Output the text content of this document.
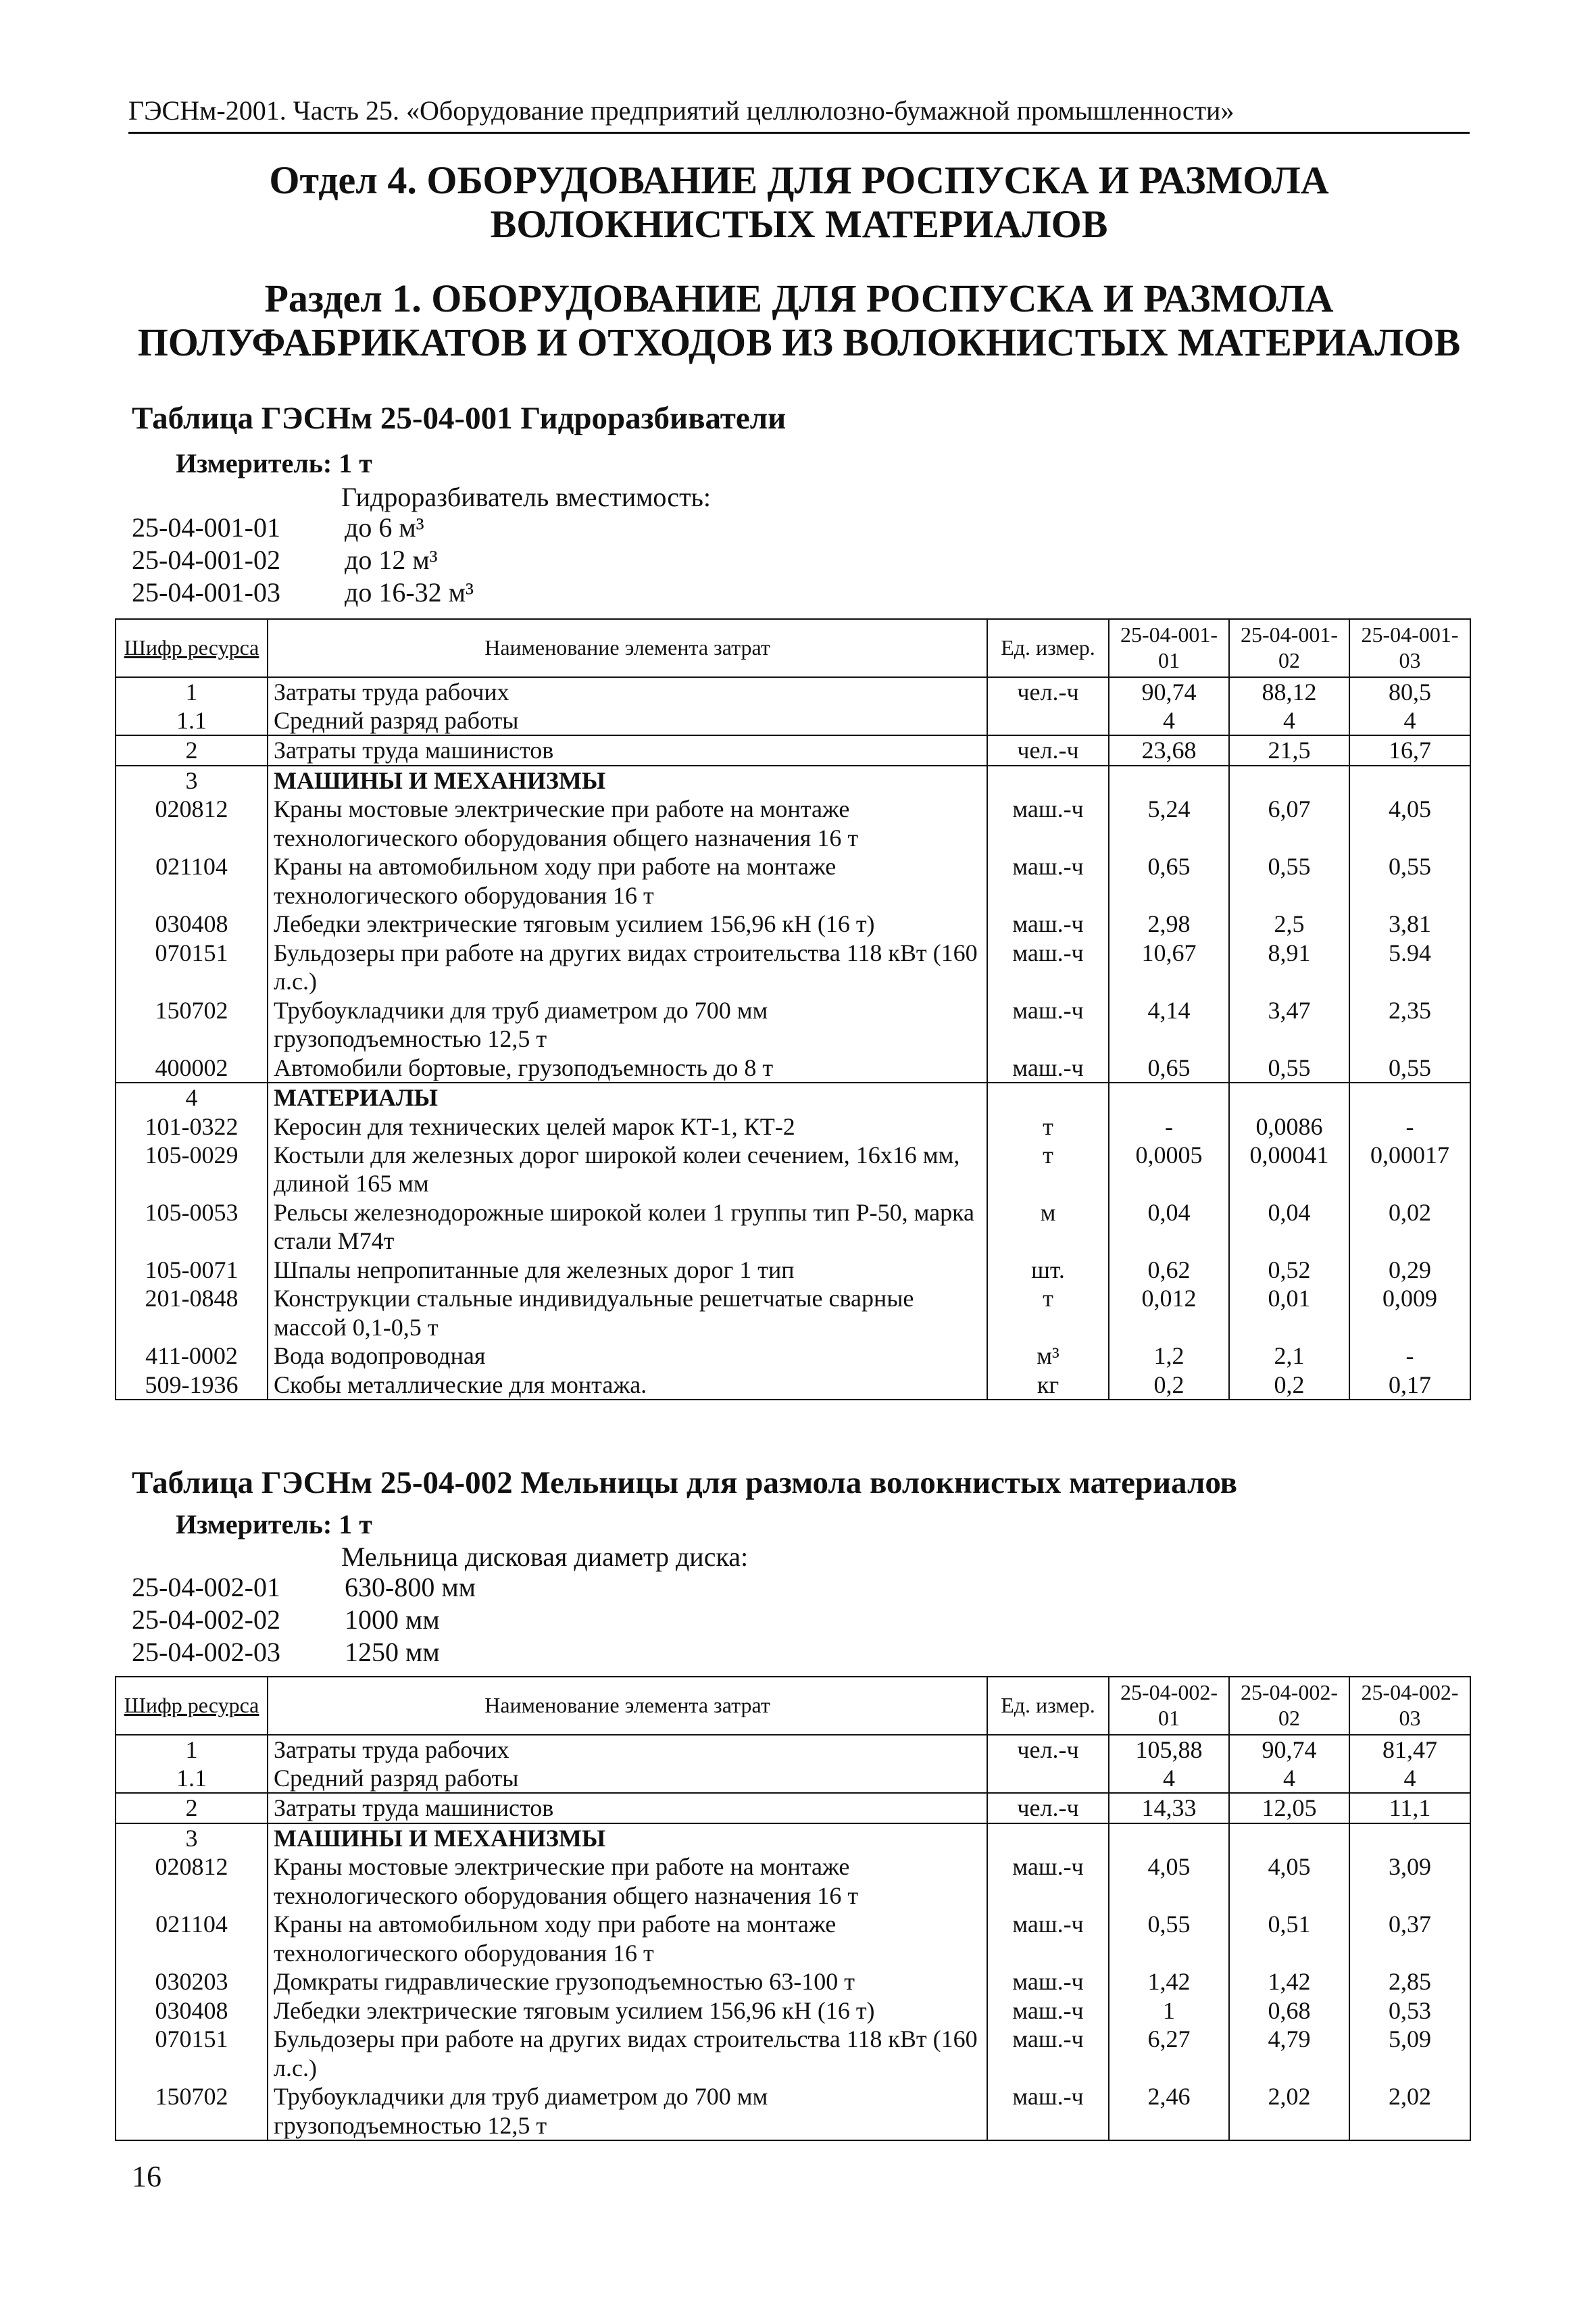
ГЭСНм-2001. Часть 25. «Оборудование предприятий целлюлозно-бумажной промышленности»
Отдел 4. ОБОРУДОВАНИЕ ДЛЯ РОСПУСКА И РАЗМОЛА
ВОЛОКНИСТЫХ МАТЕРИАЛОВ
Раздел 1. ОБОРУДОВАНИЕ ДЛЯ РОСПУСКА И РАЗМОЛА
ПОЛУФАБРИКАТОВ И ОТХОДОВ ИЗ ВОЛОКНИСТЫХ МАТЕРИАЛОВ
Таблица ГЭСНм 25-04-001 Гидроразбиватели
Измеритель: 1 т
Гидроразбиватель вместимость:
25-04-001-01 до 6 м³
25-04-001-02 до 12 м³
25-04-001-03 до 16-32 м³
Шифр ресурса	Наименование элемента затрат	Ед. измер.	25-04-001-01	25-04-001-02	25-04-001-03
1	Затраты труда рабочих	чел.-ч	90,74	88,12	80,5
1.1	Средний разряд работы		4	4	4
2	Затраты труда машинистов	чел.-ч	23,68	21,5	16,7
3	МАШИНЫ И МЕХАНИЗМЫ				
020812	Краны мостовые электрические при работе на монтаже технологического оборудования общего назначения 16 т	маш.-ч	5,24	6,07	4,05
021104	Краны на автомобильном ходу при работе на монтаже технологического оборудования 16 т	маш.-ч	0,65	0,55	0,55
030408	Лебедки электрические тяговым усилием 156,96 кН (16 т)	маш.-ч	2,98	2,5	3,81
070151	Бульдозеры при работе на других видах строительства 118 кВт (160 л.с.)	маш.-ч	10,67	8,91	5.94
150702	Трубоукладчики для труб диаметром до 700 мм грузоподъемностью 12,5 т	маш.-ч	4,14	3,47	2,35
400002	Автомобили бортовые, грузоподъемность до 8 т	маш.-ч	0,65	0,55	0,55
4	МАТЕРИАЛЫ				
101-0322	Керосин для технических целей марок КТ-1, КТ-2	т	-	0,0086	-
105-0029	Костыли для железных дорог широкой колеи сечением, 16х16 мм, длиной 165 мм	т	0,0005	0,00041	0,00017
105-0053	Рельсы железнодорожные широкой колеи 1 группы тип Р-50, марка стали М74т	м	0,04	0,04	0,02
105-0071	Шпалы непропитанные для железных дорог 1 тип	шт.	0,62	0,52	0,29
201-0848	Конструкции стальные индивидуальные решетчатые сварные массой 0,1-0,5 т	т	0,012	0,01	0,009
411-0002	Вода водопроводная	м³	1,2	2,1	-
509-1936	Скобы металлические для монтажа.	кг	0,2	0,2	0,17
Таблица ГЭСНм 25-04-002 Мельницы для размола волокнистых материалов
Измеритель: 1 т
Мельница дисковая диаметр диска:
25-04-002-01 630-800 мм
25-04-002-02 1000 мм
25-04-002-03 1250 мм
Шифр ресурса	Наименование элемента затрат	Ед. измер.	25-04-002-01	25-04-002-02	25-04-002-03
1	Затраты труда рабочих	чел.-ч	105,88	90,74	81,47
1.1	Средний разряд работы		4	4	4
2	Затраты труда машинистов	чел.-ч	14,33	12,05	11,1
3	МАШИНЫ И МЕХАНИЗМЫ				
020812	Краны мостовые электрические при работе на монтаже технологического оборудования общего назначения 16 т	маш.-ч	4,05	4,05	3,09
021104	Краны на автомобильном ходу при работе на монтаже технологического оборудования 16 т	маш.-ч	0,55	0,51	0,37
030203	Домкраты гидравлические грузоподъемностью 63-100 т	маш.-ч	1,42	1,42	2,85
030408	Лебедки электрические тяговым усилием 156,96 кН (16 т)	маш.-ч	1	0,68	0,53
070151	Бульдозеры при работе на других видах строительства 118 кВт (160 л.с.)	маш.-ч	6,27	4,79	5,09
150702	Трубоукладчики для труб диаметром до 700 мм грузоподъемностью 12,5 т	маш.-ч	2,46	2,02	2,02
16
